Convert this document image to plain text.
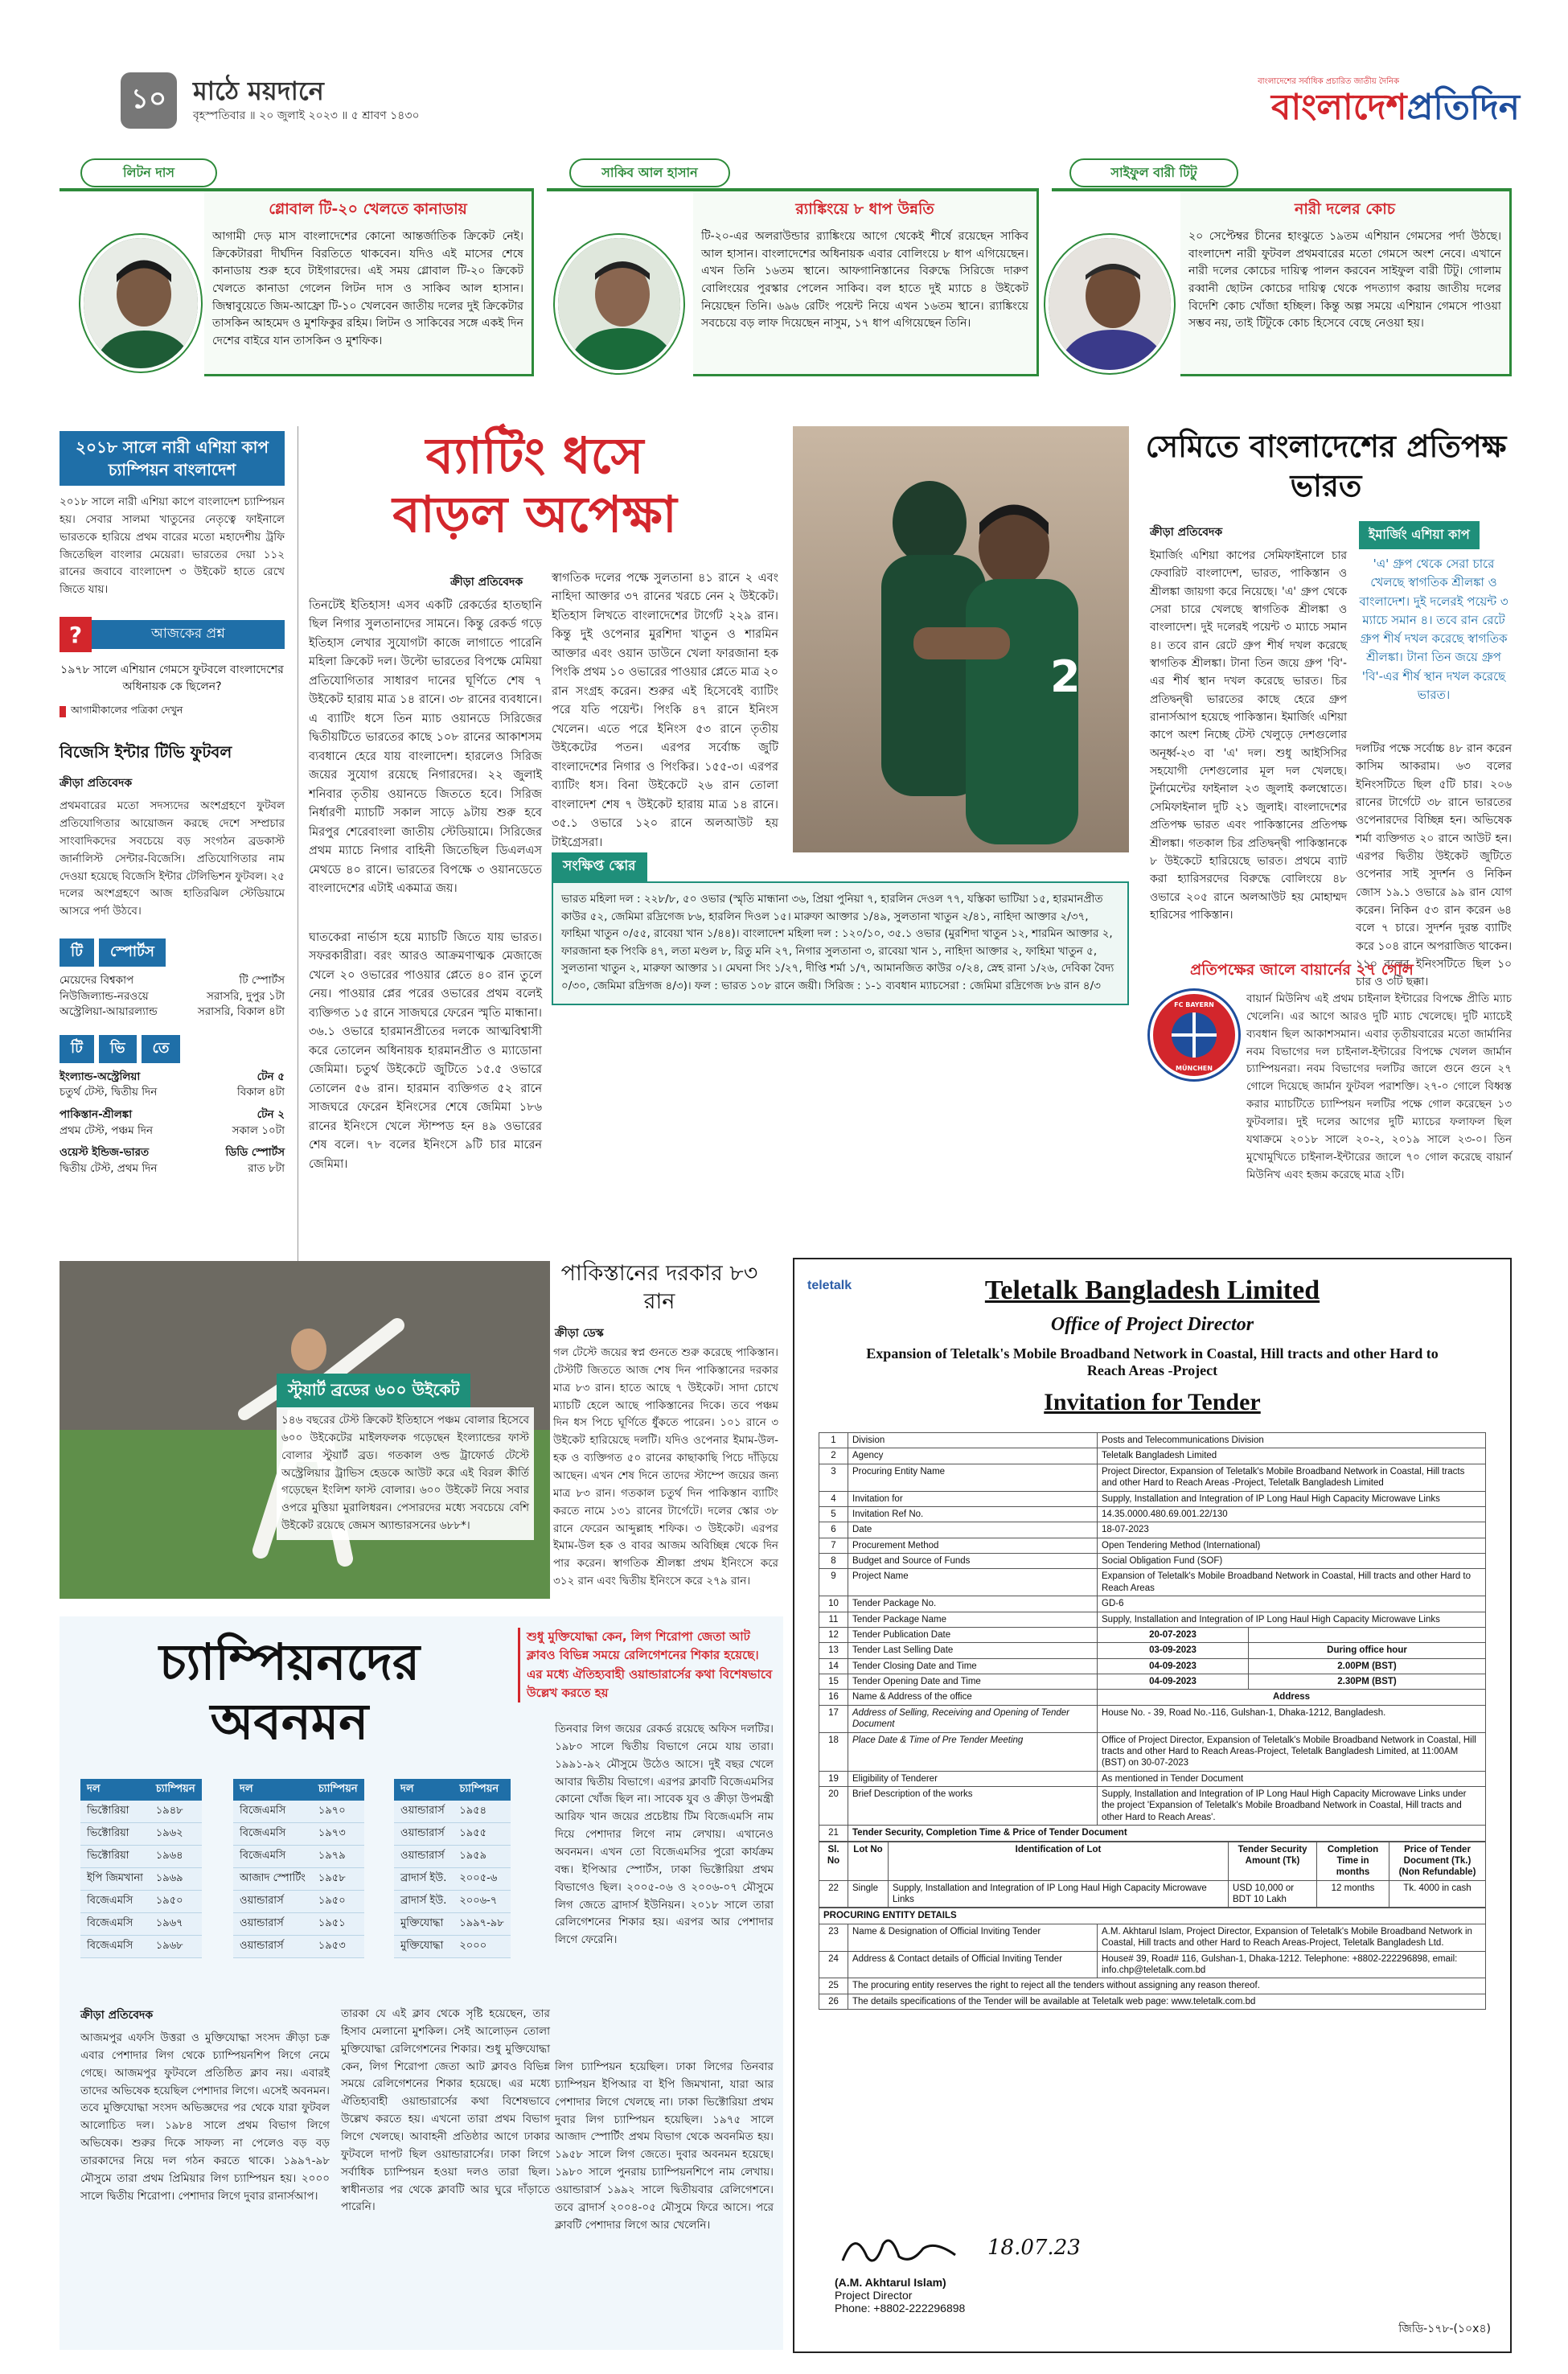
১০	মাঠে ময়দানে
বৃহস্পতিবার ॥ ২০ জুলাই ২০২৩ ॥ ৫ শ্রাবণ ১৪৩০
বাংলাদেশের সর্বাধিক প্রচারিত জাতীয় দৈনিক
বাংলাদেশপ্রতিদিন
লিটন দাস
গ্লোবাল টি-২০ খেলতে কানাডায়
আগামী দেড় মাস বাংলাদেশের কোনো আন্তর্জাতিক ক্রিকেট নেই। ক্রিকেটাররা দীর্ঘদিন বিরতিতে থাকবেন। যদিও এই মাসের শেষে কানাডায় শুরু হবে টাইগারদের। এই সময় গ্লোবাল টি-২০ ক্রিকেট খেলতে কানাডা গেলেন লিটন দাস ও সাকিব আল হাসান। জিম্বাবুয়েতে জিম-আফ্রো টি-১০ খেলবেন জাতীয় দলের দুই ক্রিকেটার তাসকিন আহমেদ ও মুশফিকুর রহিম। লিটন ও সাকিবের সঙ্গে একই দিন দেশের বাইরে যান তাসকিন ও মুশফিক।
সাকিব আল হাসান
র‍্যাঙ্কিংয়ে ৮ ধাপ উন্নতি
টি-২০-এর অলরাউন্ডার র‍্যাঙ্কিংয়ে আগে থেকেই শীর্ষে রয়েছেন সাকিব আল হাসান। বাংলাদেশের অধিনায়ক এবার বোলিংয়ে ৮ ধাপ এগিয়েছেন। এখন তিনি ১৬তম স্থানে। আফগানিস্তানের বিরুদ্ধে সিরিজে দারুণ বোলিংয়ের পুরস্কার পেলেন সাকিব। বল হাতে দুই ম্যাচে ৪ উইকেট নিয়েছেন তিনি। ৬৯৬ রেটিং পয়েন্ট নিয়ে এখন ১৬তম স্থানে। র‍্যাঙ্কিংয়ে সবচেয়ে বড় লাফ দিয়েছেন নাসুম, ১৭ ধাপ এগিয়েছেন তিনি।
সাইফুল বারী টিটু
নারী দলের কোচ
২০ সেপ্টেম্বর চীনের হাংঝুতে ১৯তম এশিয়ান গেমসের পর্দা উঠছে। বাংলাদেশ নারী ফুটবল প্রথমবারের মতো গেমসে অংশ নেবে। এখানে নারী দলের কোচের দায়িত্ব পালন করবেন সাইফুল বারী টিটু। গোলাম রব্বানী ছোটন কোচের দায়িত্ব থেকে পদত্যাগ করায় জাতীয় দলের বিদেশি কোচ খোঁজা হচ্ছিল। কিন্তু অল্প সময়ে এশিয়ান গেমসে পাওয়া সম্ভব নয়, তাই টিটুকে কোচ হিসেবে বেছে নেওয়া হয়।
২০১৮ সালে নারী এশিয়া কাপ চ্যাম্পিয়ন বাংলাদেশ
২০১৮ সালে নারী এশিয়া কাপে বাংলাদেশ চ্যাম্পিয়ন হয়। সেবার সালমা খাতুনের নেতৃত্বে ফাইনালে ভারতকে হারিয়ে প্রথম বারের মতো মহাদেশীয় ট্রফি জিতেছিল বাংলার মেয়েরা। ভারতের দেয়া ১১২ রানের জবাবে বাংলাদেশ ৩ উইকেট হাতে রেখে জিতে যায়।
?	আজকের প্রশ্ন
১৯৭৮ সালে এশিয়ান গেমসে ফুটবলে বাংলাদেশের অধিনায়ক কে ছিলেন?
আগামীকালের পত্রিকা দেখুন
বিজেসি ইন্টার টিভি ফুটবল
ক্রীড়া প্রতিবেদক
প্রথমবারের মতো সদস্যদের অংশগ্রহণে ফুটবল প্রতিযোগিতার আয়োজন করছে দেশে সম্প্রচার সাংবাদিকদের সবচেয়ে বড় সংগঠন ব্রডকাস্ট জার্নালিস্ট সেন্টার-বিজেসি। প্রতিযোগিতার নাম দেওয়া হয়েছে বিজেসি ইন্টার টেলিভিশন ফুটবল। ২৫ দলের অংশগ্রহণে আজ হাতিরঝিল স্টেডিয়ামে আসরে পর্দা উঠবে।
টি স্পোর্টস
মেয়েদের বিশ্বকাপ	টি স্পোর্টস
নিউজিল্যান্ড-নরওয়ে	সরাসরি, দুপুর ১টা
অস্ট্রেলিয়া-আয়ারল্যান্ড	সরাসরি, বিকাল ৪টা
টি ভি তে
ইংল্যান্ড-অস্ট্রেলিয়া	টেন ৫
চতুর্থ টেস্ট, দ্বিতীয় দিন	বিকাল ৪টা
পাকিস্তান-শ্রীলঙ্কা	টেন ২
প্রথম টেস্ট, পঞ্চম দিন	সকাল ১০টা
ওয়েস্ট ইন্ডিজ-ভারত	ডিডি স্পোর্টস
দ্বিতীয় টেস্ট, প্রথম দিন	রাত ৮টা
ব্যাটিং ধসে
বাড়ল অপেক্ষা
ক্রীড়া প্রতিবেদক
তিনটেই ইতিহাস! এসব একটি রেকর্ডের হাতছানি ছিল নিগার সুলতানাদের সামনে। কিন্তু রেকর্ড গড়ে ইতিহাস লেখার সুযোগটা কাজে লাগাতে পারেনি মহিলা ক্রিকেট দল। উল্টো ভারতের বিপক্ষে মেমিয়া প্রতিযোগিতার সাধারণ দানের ঘূর্ণিতে শেষ ৭ উইকেট হারায় মাত্র ১৪ রানে। ৩৮ রানের ব্যবধানে। এ ব্যাটিং ধসে তিন ম্যাচ ওয়ানডে সিরিজের দ্বিতীয়টিতে ভারতের কাছে ১০৮ রানের আকাশসম ব্যবধানে হেরে যায় বাংলাদেশ। হারলেও সিরিজ জয়ের সুযোগ রয়েছে নিগারদের। ২২ জুলাই শনিবার তৃতীয় ওয়ানডে জিততে হবে। সিরিজ নির্ধারণী ম্যাচটি সকাল সাড়ে ৯টায় শুরু হবে মিরপুর শেরেবাংলা জাতীয় স্টেডিয়ামে। সিরিজের প্রথম ম্যাচে নিগার বাহিনী জিতেছিল ডিএলএস মেথডে ৪০ রানে। ভারতের বিপক্ষে ৩ ওয়ানডেতে বাংলাদেশের এটাই একমাত্র জয়।
ঘাতকেরা নার্ভাস হয়ে ম্যাচটি জিতে যায় ভারত। সফরকারীরা। বরং আরও আক্রমণাত্মক মেজাজে খেলে ২০ ওভারের পাওয়ার প্লেতে ৪০ রান তুলে নেয়। পাওয়ার প্লের পরের ওভারের প্রথম বলেই ব্যক্তিগত ১৫ রানে সাজঘরে ফেরেন স্মৃতি মান্ধানা। ৩৬.১ ওভারে হারমানপ্রীতের দলকে আত্মবিশ্বাসী করে তোলেন অধিনায়ক হারমানপ্রীত ও ম্যাডোনা জেমিমা। চতুর্থ উইকেটে জুটিতে ১৫.৫ ওভারে তোলেন ৫৬ রান। হারমান ব্যক্তিগত ৫২ রানে সাজঘরে ফেরেন ইনিংসের শেষে জেমিমা ১৮৬ রানের ইনিংসে খেলে স্টাম্পড হন ৪৯ ওভারের শেষ বলে। ৭৮ বলের ইনিংসে ৯টি চার মারেন জেমিমা।
স্বাগতিক দলের পক্ষে সুলতানা ৪১ রানে ২ এবং নাহিদা আক্তার ৩৭ রানের খরচে নেন ২ উইকেট। ইতিহাস লিখতে বাংলাদেশের টার্গেট ২২৯ রান। কিন্তু দুই ওপেনার মুরশিদা খাতুন ও শারমিন আক্তার এবং ওয়ান ডাউনে খেলা ফারজানা হক পিংকি প্রথম ১০ ওভারের পাওয়ার প্লেতে মাত্র ২০ রান সংগ্রহ করেন। শুরুর এই হিসেবেই ব্যাটিং পরে যতি পয়েন্ট। পিংকি ৪৭ রানে ইনিংস খেলেন। এতে পরে ইনিংস ৫৩ রানে তৃতীয় উইকেটের পতন। এরপর সর্বোচ্চ জুটি বাংলাদেশের নিগার ও পিংকির। ১৫৫-৩। এরপর ব্যাটিং ধস। বিনা উইকেটে ২৬ রান তোলা বাংলাদেশ শেষ ৭ উইকেট হারায় মাত্র ১৪ রানে। ৩৫.১ ওভারে ১২০ রানে অলআউট হয় টাইগ্রেসরা।
2
সংক্ষিপ্ত স্কোর
ভারত মহিলা দল : ২২৮/৮, ৫০ ওভার (স্মৃতি মান্ধানা ৩৬, প্রিয়া পুনিয়া ৭, হারলিন দেওল ৭৭, যস্তিকা ভাটিয়া ১৫, হারমানপ্রীত কাউর ৫২, জেমিমা রদ্রিগেজ ৮৬, হারলিন দিওল ১৫। মারুফা আক্তার ১/৪৯, সুলতানা খাতুন ২/৪১, নাহিদা আক্তার ২/৩৭, ফাহিমা খাতুন ০/৫৫, রাবেয়া খান ১/৪৪)। বাংলাদেশ মহিলা দল : ১২০/১০, ৩৫.১ ওভার (মুরশিদা খাতুন ১২, শারমিন আক্তার ২, ফারজানা হক পিংকি ৪৭, লতা মণ্ডল ৮, রিতু মনি ২৭, নিগার সুলতানা ৩, রাবেয়া খান ১, নাহিদা আক্তার ২, ফাহিমা খাতুন ৫, সুলতানা খাতুন ২, মারুফা আক্তার ১। মেঘনা সিং ১/২৭, দীপ্তি শর্মা ১/৭, আমানজিত কাউর ০/২৪, স্নেহ রানা ১/২৬, দেবিকা বৈদ্য ০/৩০, জেমিমা রদ্রিগজ ৪/৩)। ফল : ভারত ১০৮ রানে জয়ী। সিরিজ : ১-১ ব্যবধান ম্যাচসেরা : জেমিমা রদ্রিগেজ ৮৬ রান ৪/৩
সেমিতে বাংলাদেশের প্রতিপক্ষ ভারত
ক্রীড়া প্রতিবেদক	ইমার্জিং এশিয়া কাপ
ইমার্জিং এশিয়া কাপের সেমিফাইনালে চার ফেবারিট বাংলাদেশ, ভারত, পাকিস্তান ও শ্রীলঙ্কা জায়গা করে নিয়েছে। 'এ' গ্রুপ থেকে সেরা চারে খেলছে স্বাগতিক শ্রীলঙ্কা ও বাংলাদেশ। দুই দলেরই পয়েন্ট ৩ ম্যাচে সমান ৪। তবে রান রেটে গ্রুপ শীর্ষ দখল করেছে স্বাগতিক শ্রীলঙ্কা। টানা তিন জয়ে গ্রুপ 'বি'-এর শীর্ষ স্থান দখল করেছে ভারত। চির প্রতিদ্বন্দ্বী ভারতের কাছে হেরে গ্রুপ রানার্সআপ হয়েছে পাকিস্তান। ইমার্জিং এশিয়া কাপে অংশ নিচ্ছে টেস্ট খেলুড়ে দেশগুলোর অনূর্ধ্ব-২৩ বা 'এ' দল। শুধু আইসিসির সহযোগী দেশগুলোর মূল দল খেলছে। টুর্নামেন্টের ফাইনাল ২৩ জুলাই কলম্বোতে। সেমিফাইনাল দুটি ২১ জুলাই। বাংলাদেশের প্রতিপক্ষ ভারত এবং পাকিস্তানের প্রতিপক্ষ শ্রীলঙ্কা। গতকাল চির প্রতিদ্বন্দ্বী পাকিস্তানকে ৮ উইকেটে হারিয়েছে ভারত। প্রথমে ব্যাট করা হ্যারিসরদের বিরুদ্ধে বোলিংয়ে ৪৮ ওভারে ২০৫ রানে অলআউট হয় মোহাম্মদ হারিসের পাকিস্তান।
'এ' গ্রুপ থেকে সেরা চারে খেলছে স্বাগতিক শ্রীলঙ্কা ও বাংলাদেশ। দুই দলেরই পয়েন্ট ৩ ম্যাচে সমান ৪। তবে রান রেটে গ্রুপ শীর্ষ দখল করেছে স্বাগতিক শ্রীলঙ্কা। টানা তিন জয়ে গ্রুপ 'বি'-এর শীর্ষ স্থান দখল করেছে ভারত।
দলটির পক্ষে সর্বোচ্চ ৪৮ রান করেন কাসিম আকরাম। ৬৩ বলের ইনিংসটিতে ছিল ৫টি চার। ২০৬ রানের টার্গেটে ৩৮ রানে ভারতের ওপেনারদের বিচ্ছিন্ন হন। অভিষেক শর্মা ব্যক্তিগত ২০ রানে আউট হন। এরপর দ্বিতীয় উইকেট জুটিতে ওপেনার সাই সুদর্শন ও নিকিন জোস ১৯.১ ওভারে ৯৯ রান যোগ করেন। নিকিন ৫৩ রান করেন ৬৪ বলে ৭ চারে। সুদর্শন দুরন্ত ব্যাটিং করে ১০৪ রানে অপরাজিত থাকেন। ১১০ বলের ইনিংসটিতে ছিল ১০ চার ও ৩টি ছক্কা।
প্রতিপক্ষের জালে বায়ার্নের ২৭ গোল
FC BAYERN
MÜNCHEN
বায়ার্ন মিউনিখ এই প্রথম চাইনাল ইন্টারের বিপক্ষে প্রীতি ম্যাচ খেলেনি। এর আগে আরও দুটি ম্যাচ খেলেছে। দুটি ম্যাচেই ব্যবধান ছিল আকাশসমান। এবার তৃতীয়বারের মতো জার্মানির নবম বিভাগের দল চাইনাল-ইন্টারের বিপক্ষে খেলল জার্মান চ্যাম্পিয়নরা। নবম বিভাগের দলটির জালে গুনে গুনে ২৭ গোলে দিয়েছে জার্মান ফুটবল পরাশক্তি। ২৭-০ গোলে বিধ্বস্ত করার ম্যাচটিতে চ্যাম্পিয়ন দলটির পক্ষে গোল করেছেন ১৩ ফুটবলার। দুই দলের আগের দুটি ম্যাচের ফলাফল ছিল যথাক্রমে ২০১৮ সালে ২০-২, ২০১৯ সালে ২৩-০। তিন মুখোমুখিতে চাইনাল-ইন্টারের জালে ৭০ গোল করেছে বায়ার্ন মিউনিখ এবং হজম করেছে মাত্র ২টি।
স্টুয়ার্ট ব্রডের ৬০০ উইকেট
১৪৬ বছরের টেস্ট ক্রিকেট ইতিহাসে পঞ্চম বোলার হিসেবে ৬০০ উইকেটের মাইলফলক গড়েছেন ইংল্যান্ডের ফাস্ট বোলার স্টুয়ার্ট ব্রড। গতকাল ওল্ড ট্রাফোর্ড টেস্টে অস্ট্রেলিয়ার ট্রাভিস হেডকে আউট করে এই বিরল কীর্তি গড়েছেন ইংলিশ ফাস্ট বোলার। ৬০০ উইকেট নিয়ে সবার ওপরে মুত্তিয়া মুরালিধরন। পেসারদের মধ্যে সবচেয়ে বেশি উইকেট রয়েছে জেমস অ্যান্ডারসনের ৬৮৮*।
পাকিস্তানের দরকার ৮৩ রান
ক্রীড়া ডেস্ক
গল টেস্টে জয়ের স্বপ্ন গুনতে শুরু করেছে পাকিস্তান। টেস্টটি জিততে আজ শেষ দিন পাকিস্তানের দরকার মাত্র ৮৩ রান। হাতে আছে ৭ উইকেট। সাদা চোখে ম্যাচটি হেলে আছে পাকিস্তানের দিকে। তবে পঞ্চম দিন ধস পিচে ঘূর্ণিতে ধুঁকতে পারেন। ১০১ রানে ৩ উইকেট হারিয়েছে দলটি। যদিও ওপেনার ইমাম-উল-হক ও ব্যক্তিগত ৫০ রানের কাছাকাছি পিচে দাঁড়িয়ে আছেন। এখন শেষ দিনে তাদের স্টাম্পে জয়ের জন্য মাত্র ৮৩ রান। গতকাল চতুর্থ দিন পাকিস্তান ব্যাটিং করতে নামে ১৩১ রানের টার্গেটে। দলের স্কোর ৩৮ রানে ফেরেন আব্দুল্লাহ শফিক। ৩ উইকেট। এরপর ইমাম-উল হক ও বাবর আজম অবিচ্ছিন্ন থেকে দিন পার করেন। স্বাগতিক শ্রীলঙ্কা প্রথম ইনিংসে করে ৩১২ রান এবং দ্বিতীয় ইনিংসে করে ২৭৯ রান।
চ্যাম্পিয়নদের
অবনমন
শুধু মুক্তিযোদ্ধা কেন, লিগ শিরোপা জেতা আট ক্লাবও বিভিন্ন সময়ে রেলিগেশনের শিকার হয়েছে। এর মধ্যে ঐতিহ্যবাহী ওয়ান্ডারার্সের কথা বিশেষভাবে উল্লেখ করতে হয়
দল	চ্যাম্পিয়ন
ভিক্টোরিয়া	১৯৪৮
ভিক্টোরিয়া	১৯৬২
ভিক্টোরিয়া	১৯৬৪
ইপি জিমখানা	১৯৬৯
বিজেএমসি	১৯৫০
বিজেএমসি	১৯৬৭
বিজেএমসি	১৯৬৮
দল	চ্যাম্পিয়ন
বিজেএমসি	১৯৭০
বিজেএমসি	১৯৭৩
বিজেএমসি	১৯৭৯
আজাদ স্পোর্টিং	১৯৫৮
ওয়ান্ডারার্স	১৯৫০
ওয়ান্ডারার্স	১৯৫১
ওয়ান্ডারার্স	১৯৫৩
দল	চ্যাম্পিয়ন
ওয়ান্ডারার্স	১৯৫৪
ওয়ান্ডারার্স	১৯৫৫
ওয়ান্ডারার্স	১৯৫৯
ব্রাদার্স ইউ.	২০০৫-৬
ব্রাদার্স ইউ.	২০০৬-৭
মুক্তিযোদ্ধা	১৯৯৭-৯৮
মুক্তিযোদ্ধা	২০০০
ক্রীড়া প্রতিবেদক
আজমপুর এফসি উত্তরা ও মুক্তিযোদ্ধা সংসদ ক্রীড়া চক্র এবার পেশাদার লিগ থেকে চ্যাম্পিয়নশিপ লিগে নেমে গেছে। আজমপুর ফুটবলে প্রতিষ্ঠিত ক্লাব নয়। এবারই তাদের অভিষেক হয়েছিল পেশাদার লিগে। এসেই অবনমন। তবে মুক্তিযোদ্ধা সংসদ অভিজ্ঞদের পর থেকে যারা ফুটবল আলোচিত দল। ১৯৮৪ সালে প্রথম বিভাগ লিগে অভিষেক। শুরুর দিকে সাফল্য না পেলেও বড় বড় তারকাদের নিয়ে দল গঠন করতে থাকে। ১৯৯৭-৯৮ মৌসুমে তারা প্রথম প্রিমিয়ার লিগ চ্যাম্পিয়ন হয়। ২০০০ সালে দ্বিতীয় শিরোপা। পেশাদার লিগে দুবার রানার্সআপ।
তারকা যে এই ক্লাব থেকে সৃষ্টি হয়েছেন, তার হিসাব মেলানো মুশকিল। সেই আলোড়ন তোলা মুক্তিযোদ্ধা রেলিগেশনের শিকার। শুধু মুক্তিযোদ্ধা কেন, লিগ শিরোপা জেতা আট ক্লাবও বিভিন্ন সময়ে রেলিগেশনের শিকার হয়েছে। এর মধ্যে ঐতিহ্যবাহী ওয়ান্ডারার্সের কথা বিশেষভাবে উল্লেখ করতে হয়। এখনো তারা প্রথম বিভাগ লিগে খেলছে। আবাহনী প্রতিষ্ঠার আগে ঢাকার ফুটবলে দাপট ছিল ওয়ান্ডারার্সের। ঢাকা লিগে সর্বাধিক চ্যাম্পিয়ন হওয়া দলও তারা ছিল। স্বাধীনতার পর থেকে ক্লাবটি আর ঘুরে দাঁড়াতে পারেনি।
তিনবার লিগ জয়ের রেকর্ড রয়েছে অফিস দলটির। ১৯৮০ সালে দ্বিতীয় বিভাগে নেমে যায় তারা। ১৯৯১-৯২ মৌসুমে উঠেও আসে। দুই বছর খেলে আবার দ্বিতীয় বিভাগে। এরপর ক্লাবটি বিজেএমসির কোনো খোঁজ ছিল না। সাবেক যুব ও ক্রীড়া উপমন্ত্রী আরিফ খান জয়ের প্রচেষ্টায় টিম বিজেএমসি নাম দিয়ে পেশাদার লিগে নাম লেখায়। এখানেও অবনমন। এখন তো বিজেএমসির পুরো কার্যক্রম বন্ধ। ইপিআর স্পোর্টস, ঢাকা ভিক্টোরিয়া প্রথম বিভাগেও ছিল। ২০০৫-০৬ ও ২০০৬-০৭ মৌসুমে লিগ জেতে ব্রাদার্স ইউনিয়ন। ২০১৮ সালে তারা রেলিগেশনের শিকার হয়। এরপর আর পেশাদার লিগে ফেরেনি।
লিগ চ্যাম্পিয়ন হয়েছিল। ঢাকা লিগের তিনবার চ্যাম্পিয়ন ইপিআর বা ইপি জিমখানা, যারা আর পেশাদার লিগে খেলছে না। ঢাকা ভিক্টোরিয়া প্রথম দুবার লিগ চ্যাম্পিয়ন হয়েছিল। ১৯৭৫ সালে আজাদ স্পোর্টিং প্রথম বিভাগ থেকে অবনমিত হয়। ১৯৫৮ সালে লিগ জেতে। দুবার অবনমন হয়েছে। ১৯৮০ সালে পুনরায় চ্যাম্পিয়নশিপে নাম লেখায়। ওয়ান্ডারার্স ১৯৯২ সালে দ্বিতীয়বার রেলিগেশনে। তবে ব্রাদার্স ২০০৪-০৫ মৌসুমে ফিরে আসে। পরে ক্লাবটি পেশাদার লিগে আর খেলেনি।
teletalk	Teletalk Bangladesh Limited
Office of Project Director
Expansion of Teletalk's Mobile Broadband Network in Coastal, Hill tracts and other Hard to Reach Areas -Project
Invitation for Tender
1	Division	Posts and Telecommunications Division	
2	Agency	Teletalk Bangladesh Limited	
3	Procuring Entity Name	Project Director, Expansion of Teletalk's Mobile Broadband Network in Coastal, Hill tracts and other Hard to Reach Areas -Project, Teletalk Bangladesh Limited	
4	Invitation for	Supply, Installation and Integration of IP Long Haul High Capacity Microwave Links	
5	Invitation Ref No.	14.35.0000.480.69.001.22/130	
6	Date	18-07-2023	
7	Procurement Method	Open Tendering Method (International)	
8	Budget and Source of Funds	Social Obligation Fund (SOF)	
9	Project Name	Expansion of Teletalk's Mobile Broadband Network in Coastal, Hill tracts and other Hard to Reach Areas	
10	Tender Package No.	GD-6	
11	Tender Package Name	Supply, Installation and Integration of IP Long Haul High Capacity Microwave Links	
12	Tender Publication Date	20-07-2023	
13	Tender Last Selling Date	03-09-2023	During office hour
14	Tender Closing Date and Time	04-09-2023	2.00PM (BST)
15	Tender Opening Date and Time	04-09-2023	2.30PM (BST)
16	Name & Address of the office	Address	
17	Address of Selling, Receiving and Opening of Tender Document	House No. - 39, Road No.-116, Gulshan-1, Dhaka-1212, Bangladesh.	
18	Place Date & Time of Pre Tender Meeting	Office of Project Director, Expansion of Teletalk's Mobile Broadband Network in Coastal, Hill tracts and other Hard to Reach Areas-Project, Teletalk Bangladesh Limited, at 11:00AM (BST) on 30-07-2023	
19	Eligibility of Tenderer	As mentioned in Tender Document	
20	Brief Description of the works	Supply, Installation and Integration of IP Long Haul High Capacity Microwave Links under the project 'Expansion of Teletalk's Mobile Broadband Network in Coastal, Hill tracts and other Hard to Reach Areas'.	
21	Tender Security, Completion Time & Price of Tender Document		
Sl. No	Lot No	Identification of Lot	Tender Security Amount (Tk)	Completion Time in months	Price of Tender Document (Tk.) (Non Refundable)
22	Single	Supply, Installation and Integration of IP Long Haul High Capacity Microwave Links	USD 10,000 or BDT 10 Lakh	12 months	Tk. 4000 in cash
PROCURING ENTITY DETAILS		
23	Name & Designation of Official Inviting Tender	A.M. Akhtarul Islam, Project Director, Expansion of Teletalk's Mobile Broadband Network in Coastal, Hill tracts and other Hard to Reach Areas-Project, Teletalk Bangladesh Ltd.
24	Address & Contact details of Official Inviting Tender	House# 39, Road# 116, Gulshan-1, Dhaka-1212. Telephone: +8802-222296898, email: info.chp@teletalk.com.bd
25	The procuring entity reserves the right to reject all the tenders without assigning any reason thereof.	
26	The details specifications of the Tender will be available at Teletalk web page: www.teletalk.com.bd	
18.07.23
(A.M. Akhtarul Islam)
Project Director
Phone: +8802-222296898
জিডি-১৭৮-(১০x৪)
